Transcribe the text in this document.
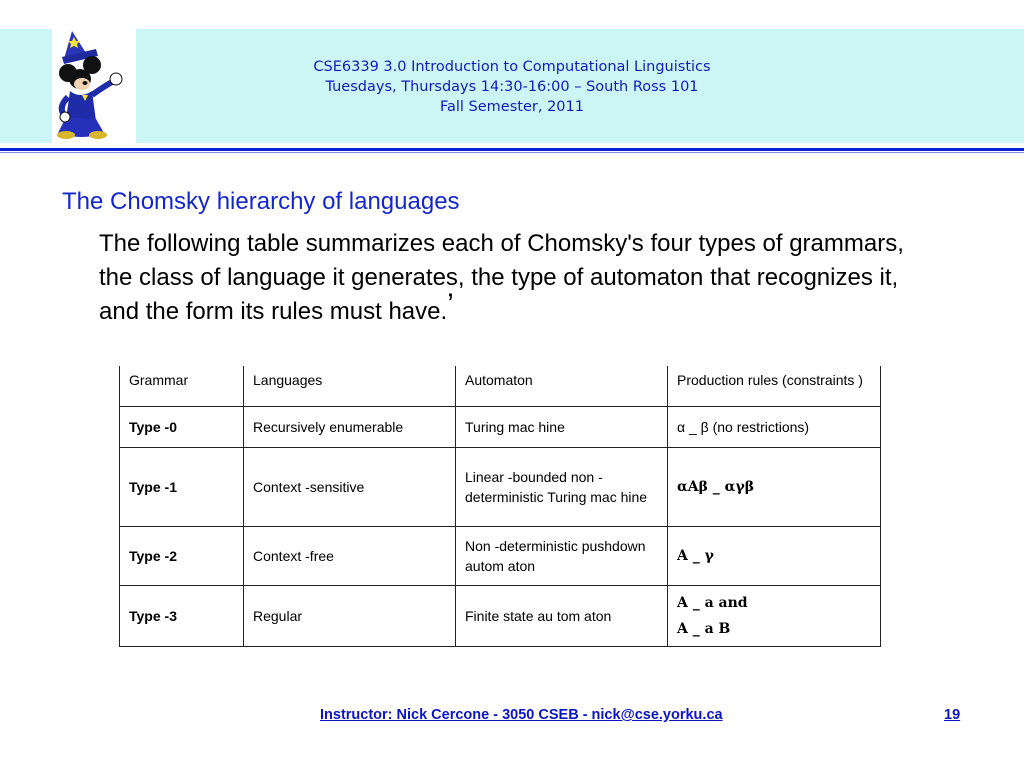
CSE6339 3.0 Introduction to Computational Linguistics
Tuesdays, Thursdays 14:30-16:00 – South Ross 101
Fall Semester, 2011
The Chomsky hierarchy of languages
The following table summarizes each of Chomsky's four types of grammars, the class of language it generates, the type of automaton that recognizes it, and the form its rules must have.’
Grammar	Languages	Automaton	Production rules (constraints )
Type -0	Recursively enumerable	Turing mac hine	α _ β (no restrictions)
Type -1	Context -sensitive	Linear -bounded non -deterministic Turing mac hine	αAβ _ αγβ
Type -2	Context -free	Non -deterministic pushdown autom aton	A _ γ
Type -3	Regular	Finite state au tom aton	A _ a and
A _ a B
Instructor: Nick Cercone - 3050 CSEB - nick@cse.yorku.ca	19
